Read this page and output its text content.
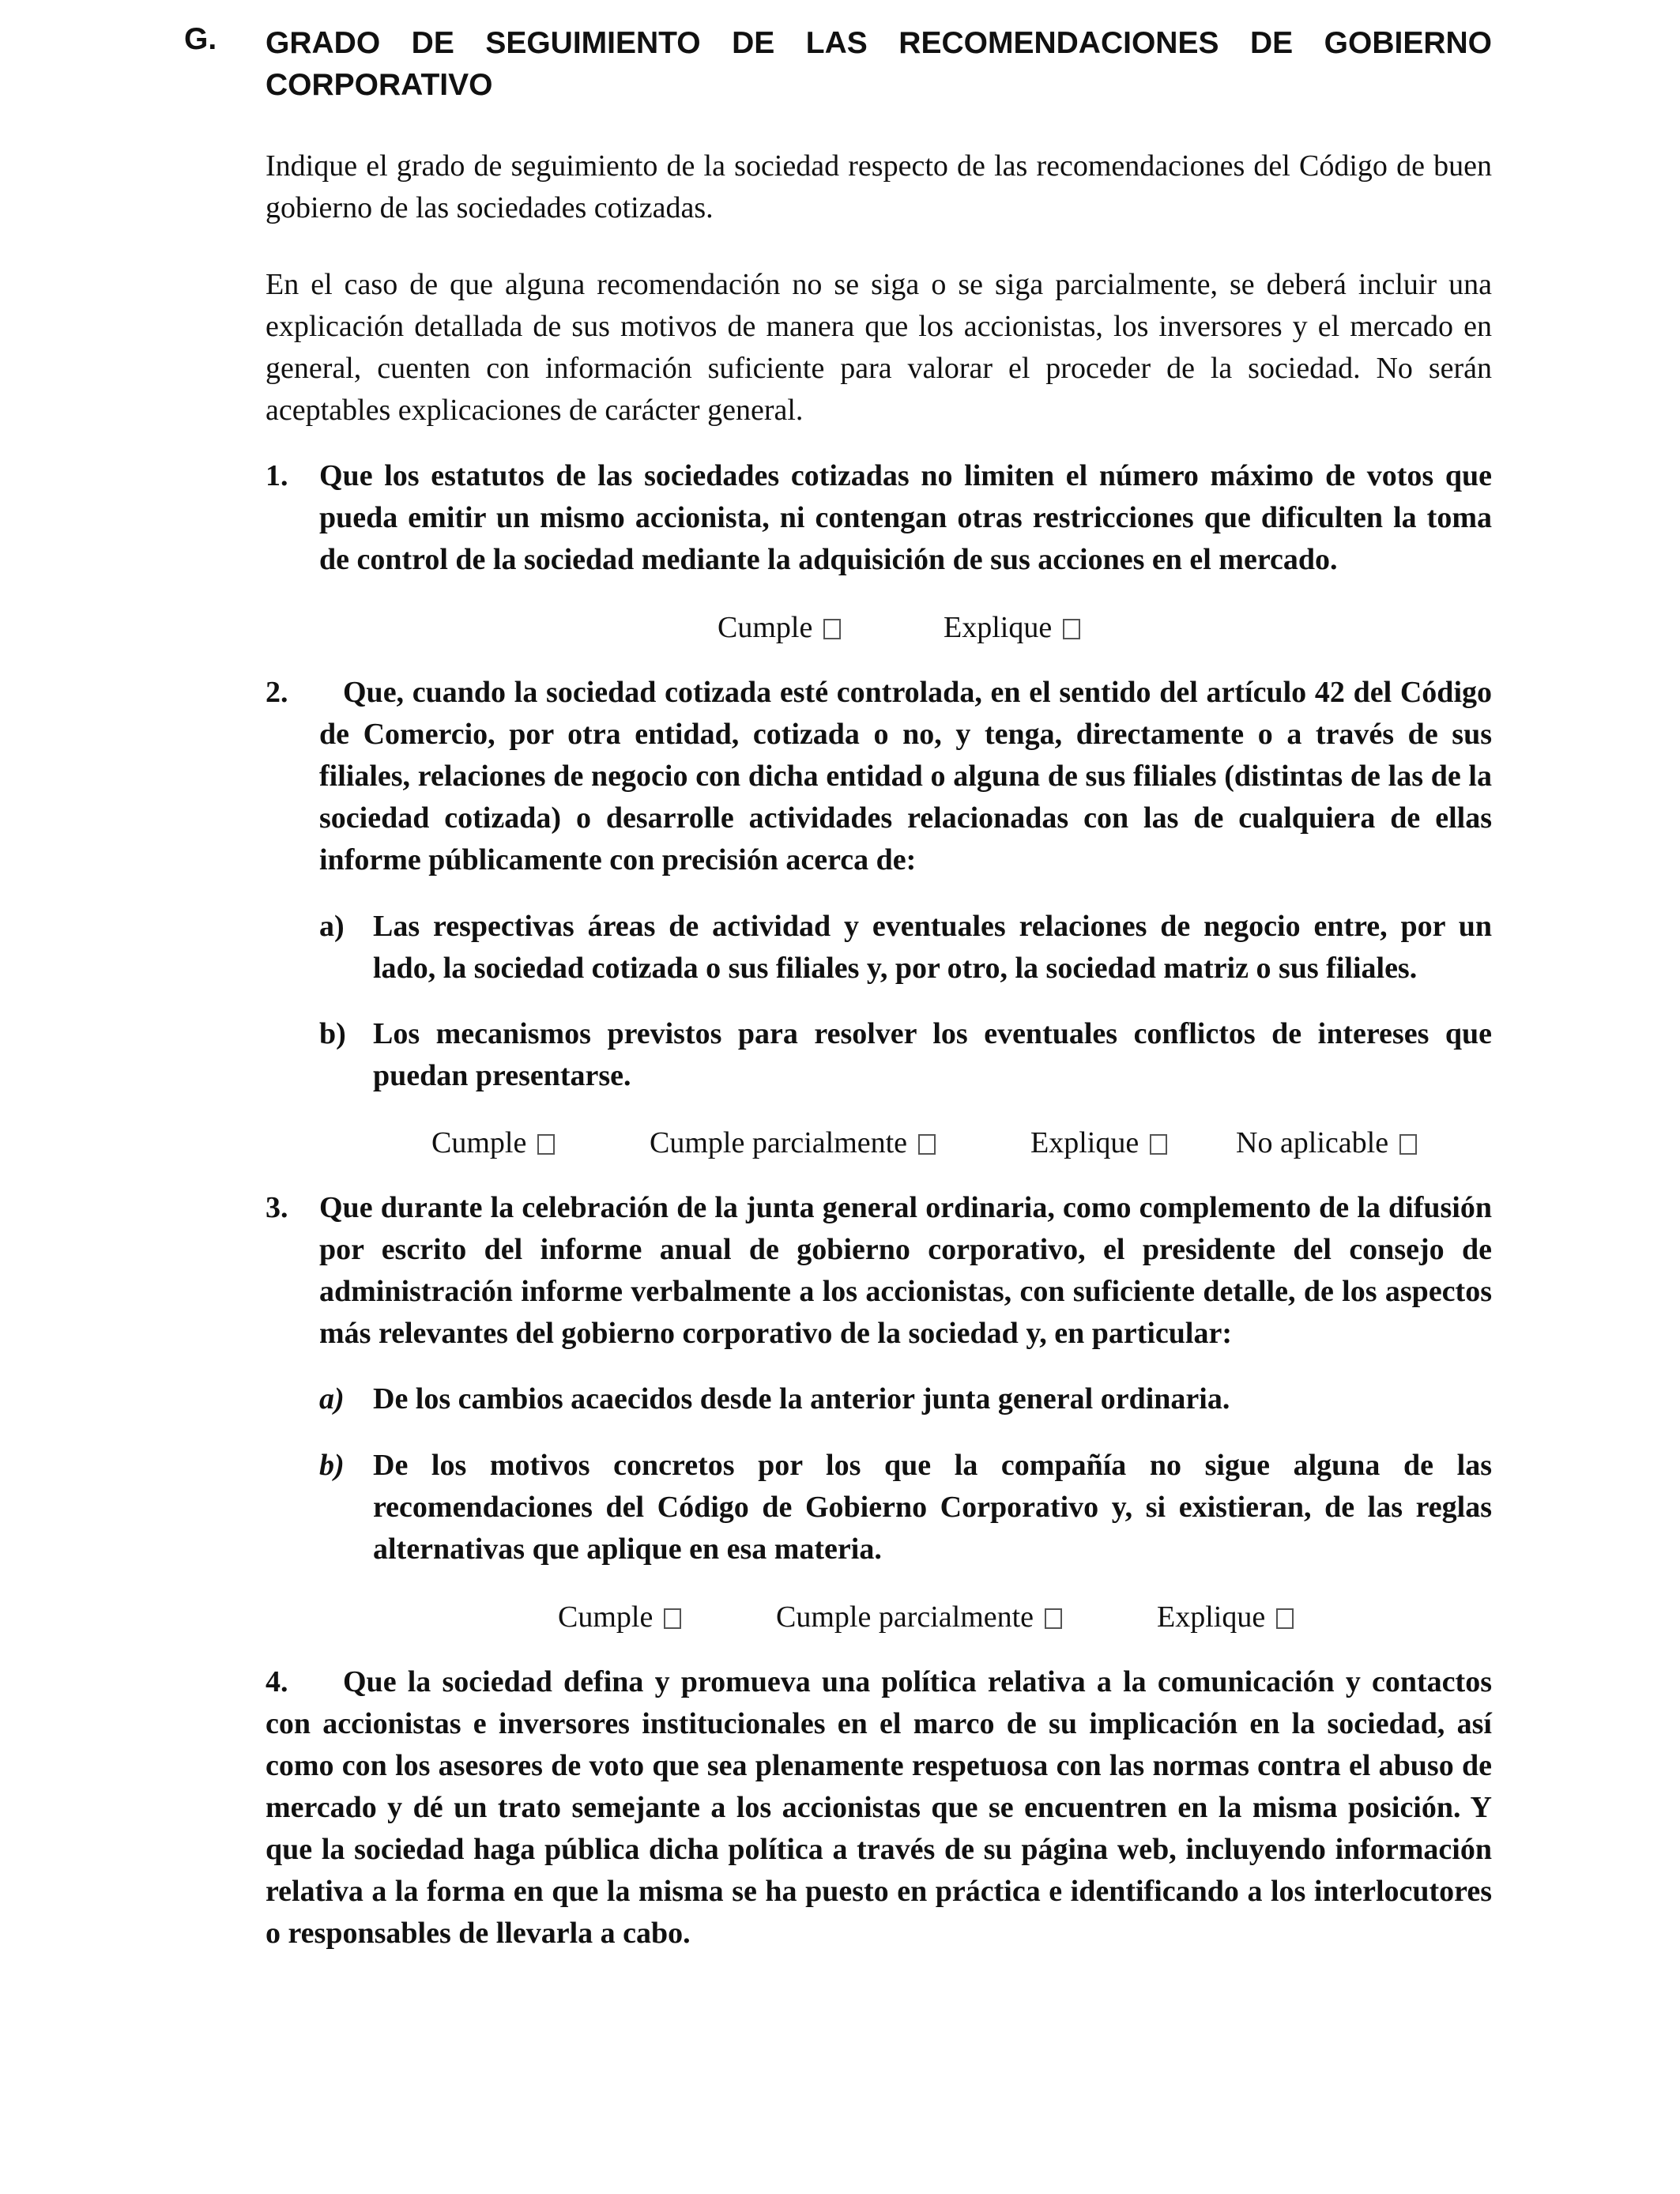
G. GRADO DE SEGUIMIENTO DE LAS RECOMENDACIONES DE GOBIERNO CORPORATIVO
Indique el grado de seguimiento de la sociedad respecto de las recomendaciones del Código de buen gobierno de las sociedades cotizadas.
En el caso de que alguna recomendación no se siga o se siga parcialmente, se deberá incluir una explicación detallada de sus motivos de manera que los accionistas, los inversores y el mercado en general, cuenten con información suficiente para valorar el proceder de la sociedad. No serán aceptables explicaciones de carácter general.
1. Que los estatutos de las sociedades cotizadas no limiten el número máximo de votos que pueda emitir un mismo accionista, ni contengan otras restricciones que dificulten la toma de control de la sociedad mediante la adquisición de sus acciones en el mercado.
Cumple	Explique
2.	Que, cuando la sociedad cotizada esté controlada, en el sentido del artículo 42 del Código de Comercio, por otra entidad, cotizada o no, y tenga, directamente o a través de sus filiales, relaciones de negocio con dicha entidad o alguna de sus filiales (distintas de las de la sociedad cotizada) o desarrolle actividades relacionadas con las de cualquiera de ellas informe públicamente con precisión acerca de:
a) Las respectivas áreas de actividad y eventuales relaciones de negocio entre, por un lado, la sociedad cotizada o sus filiales y, por otro, la sociedad matriz o sus filiales.
b) Los mecanismos previstos para resolver los eventuales conflictos de intereses que puedan presentarse.
Cumple	Cumple parcialmente	Explique	No aplicable
3. Que durante la celebración de la junta general ordinaria, como complemento de la difusión por escrito del informe anual de gobierno corporativo, el presidente del consejo de administración informe verbalmente a los accionistas, con suficiente detalle, de los aspectos más relevantes del gobierno corporativo de la sociedad y, en particular:
a) De los cambios acaecidos desde la anterior junta general ordinaria.
b) De los motivos concretos por los que la compañía no sigue alguna de las recomendaciones del Código de Gobierno Corporativo y, si existieran, de las reglas alternativas que aplique en esa materia.
Cumple	Cumple parcialmente	Explique
4.	Que la sociedad defina y promueva una política relativa a la comunicación y contactos con accionistas e inversores institucionales en el marco de su implicación en la sociedad, así como con los asesores de voto que sea plenamente respetuosa con las normas contra el abuso de mercado y dé un trato semejante a los accionistas que se encuentren en la misma posición. Y que la sociedad haga pública dicha política a través de su página web, incluyendo información relativa a la forma en que la misma se ha puesto en práctica e identificando a los interlocutores o responsables de llevarla a cabo.
